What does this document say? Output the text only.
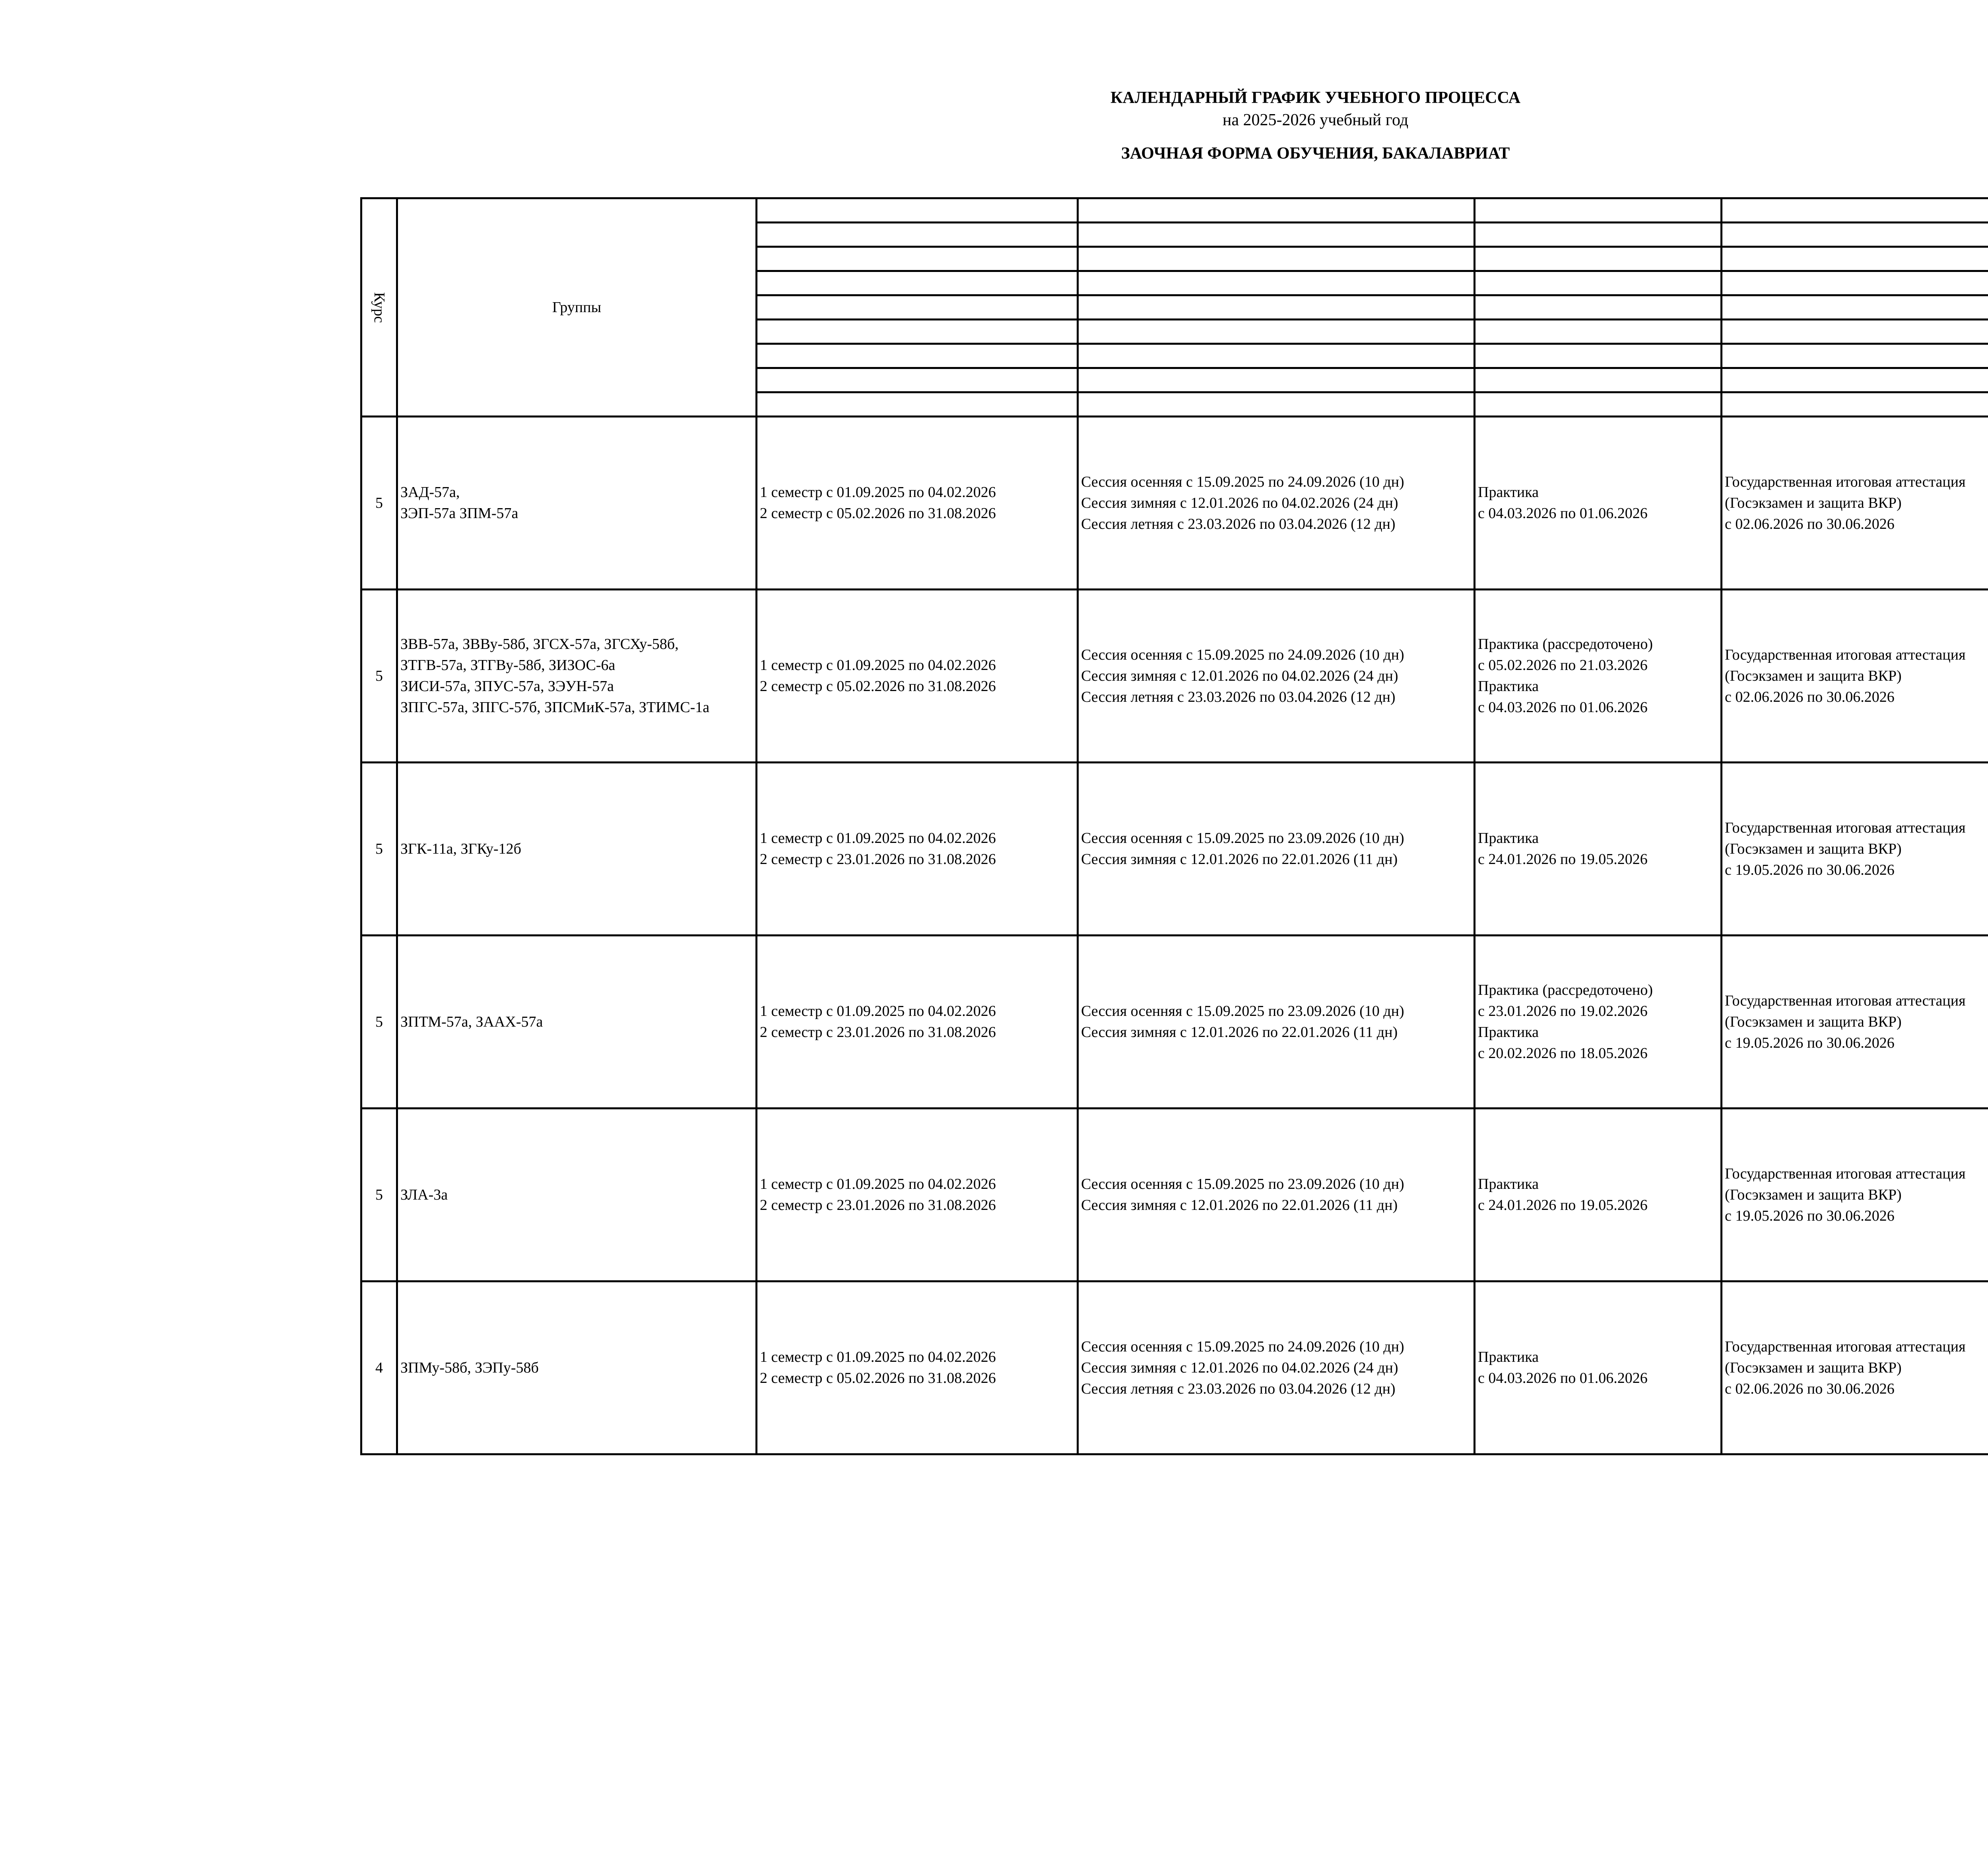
КАЛЕНДАРНЫЙ ГРАФИК УЧЕБНОГО ПРОЦЕССА
на 2025-2026 учебный год
ЗАОЧНАЯ ФОРМА ОБУЧЕНИЯ, БАКАЛАВРИАТ
Курс	Группы					

5	ЗАД-57а,
ЗЭП-57а ЗПМ-57а	1 семестр с 01.09.2025 по 04.02.2026
2 семестр с 05.02.2026 по 31.08.2026	Сессия осенняя с 15.09.2025 по 24.09.2026 (10 дн)
Сессия зимняя с 12.01.2026 по 04.02.2026 (24 дн)
Сессия летняя с 23.03.2026 по 03.04.2026 (12 дн)	Практика
с 04.03.2026 по 01.06.2026	Государственная итоговая аттестация
(Госэкзамен и защита ВКР)
с 02.06.2026 по 30.06.2026

5	ЗВВ-57а, ЗВВу-58б, ЗГСХ-57а, ЗГСХу-58б,
ЗТГВ-57а, ЗТГВу-58б, ЗИЗОС-6а
ЗИСИ-57а, ЗПУС-57а, ЗЭУН-57а
ЗПГС-57а, ЗПГС-57б, ЗПСМиК-57а, ЗТИМС-1а	1 семестр с 01.09.2025 по 04.02.2026
2 семестр с 05.02.2026 по 31.08.2026	Сессия осенняя с 15.09.2025 по 24.09.2026 (10 дн)
Сессия зимняя с 12.01.2026 по 04.02.2026 (24 дн)
Сессия летняя с 23.03.2026 по 03.04.2026 (12 дн)	Практика (рассредоточено)
с 05.02.2026 по 21.03.2026
Практика
с 04.03.2026 по 01.06.2026	Государственная итоговая аттестация
(Госэкзамен и защита ВКР)
с 02.06.2026 по 30.06.2026

5	ЗГК-11а, ЗГКу-12б	1 семестр с 01.09.2025 по 04.02.2026
2 семестр с 23.01.2026 по 31.08.2026	Сессия осенняя с 15.09.2025 по 23.09.2026 (10 дн)
Сессия зимняя с 12.01.2026 по 22.01.2026 (11 дн)	Практика
с 24.01.2026 по 19.05.2026	Государственная итоговая аттестация
(Госэкзамен и защита ВКР)
с 19.05.2026 по 30.06.2026

5	ЗПТМ-57а, ЗААХ-57а	1 семестр с 01.09.2025 по 04.02.2026
2 семестр с 23.01.2026 по 31.08.2026	Сессия осенняя с 15.09.2025 по 23.09.2026 (10 дн)
Сессия зимняя с 12.01.2026 по 22.01.2026 (11 дн)	Практика (рассредоточено)
с 23.01.2026 по 19.02.2026
Практика
с 20.02.2026 по 18.05.2026	Государственная итоговая аттестация
(Госэкзамен и защита ВКР)
с 19.05.2026 по 30.06.2026

5	ЗЛА-3а	1 семестр с 01.09.2025 по 04.02.2026
2 семестр с 23.01.2026 по 31.08.2026	Сессия осенняя с 15.09.2025 по 23.09.2026 (10 дн)
Сессия зимняя с 12.01.2026 по 22.01.2026 (11 дн)	Практика
с 24.01.2026 по 19.05.2026	Государственная итоговая аттестация
(Госэкзамен и защита ВКР)
с 19.05.2026 по 30.06.2026

4	ЗПМу-58б, ЗЭПу-58б	1 семестр с 01.09.2025 по 04.02.2026
2 семестр с 05.02.2026 по 31.08.2026	Сессия осенняя с 15.09.2025 по 24.09.2026 (10 дн)
Сессия зимняя с 12.01.2026 по 04.02.2026 (24 дн)
Сессия летняя с 23.03.2026 по 03.04.2026 (12 дн)	Практика
с 04.03.2026 по 01.06.2026	Государственная итоговая аттестация
(Госэкзамен и защита ВКР)
с 02.06.2026 по 30.06.2026
